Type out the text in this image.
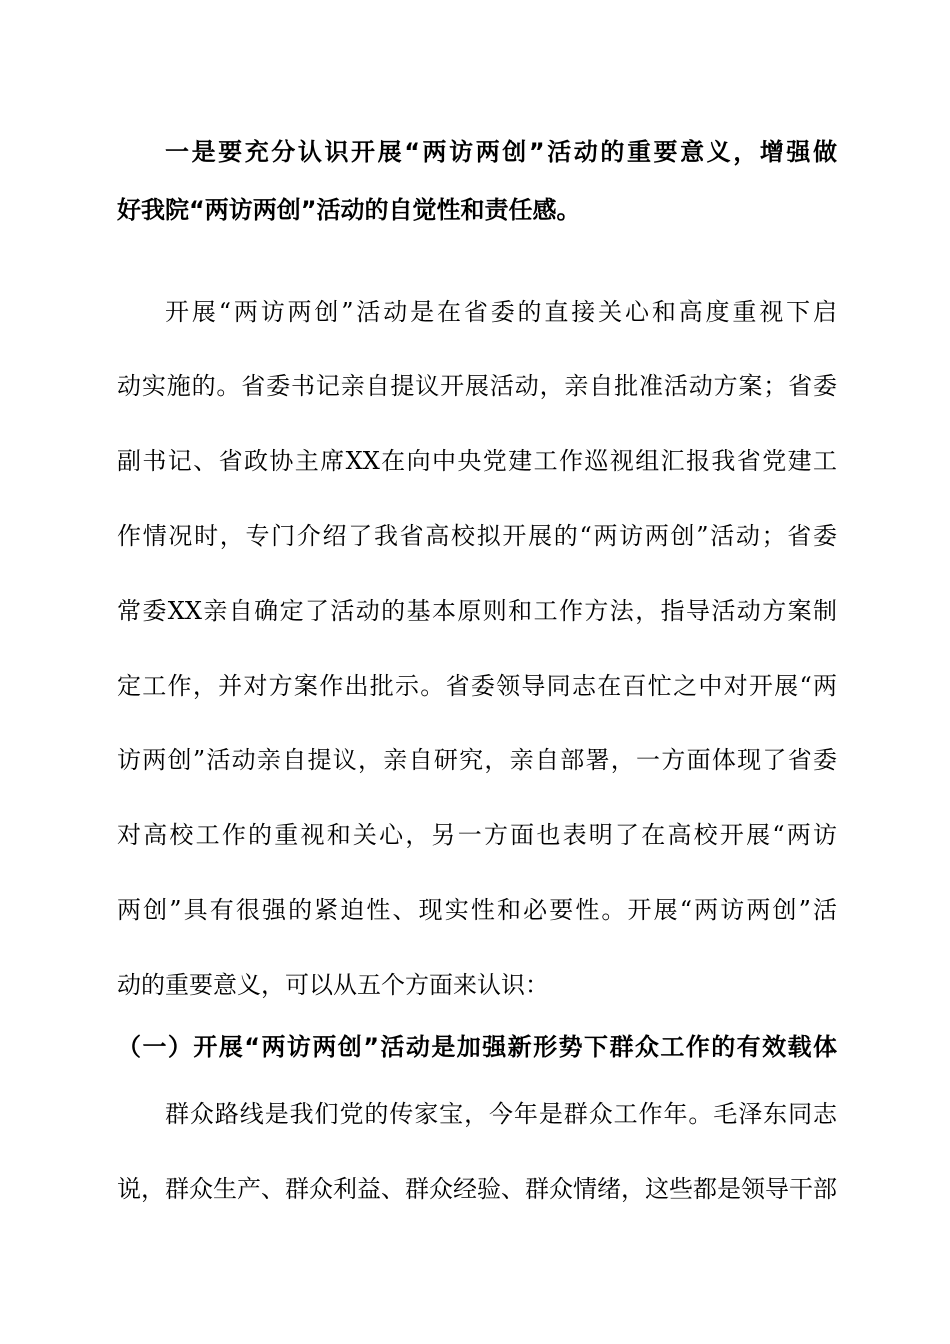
一是要充分认识开展“两访两创”活动的重要意义，增强做
好我院“两访两创”活动的自觉性和责任感。
开展“两访两创”活动是在省委的直接关心和高度重视下启
动实施的。省委书记亲自提议开展活动，亲自批准活动方案；省委
副书记、省政协主席XX在向中央党建工作巡视组汇报我省党建工
作情况时，专门介绍了我省高校拟开展的“两访两创”活动；省委
常委XX亲自确定了活动的基本原则和工作方法，指导活动方案制
定工作，并对方案作出批示。省委领导同志在百忙之中对开展“两
访两创”活动亲自提议，亲自研究，亲自部署，一方面体现了省委
对高校工作的重视和关心，另一方面也表明了在高校开展“两访
两创”具有很强的紧迫性、现实性和必要性。开展“两访两创”活
动的重要意义，可以从五个方面来认识：
（一）开展“两访两创”活动是加强新形势下群众工作的有效载体
群众路线是我们党的传家宝，今年是群众工作年。毛泽东同志
说，群众生产、群众利益、群众经验、群众情绪，这些都是领导干部
